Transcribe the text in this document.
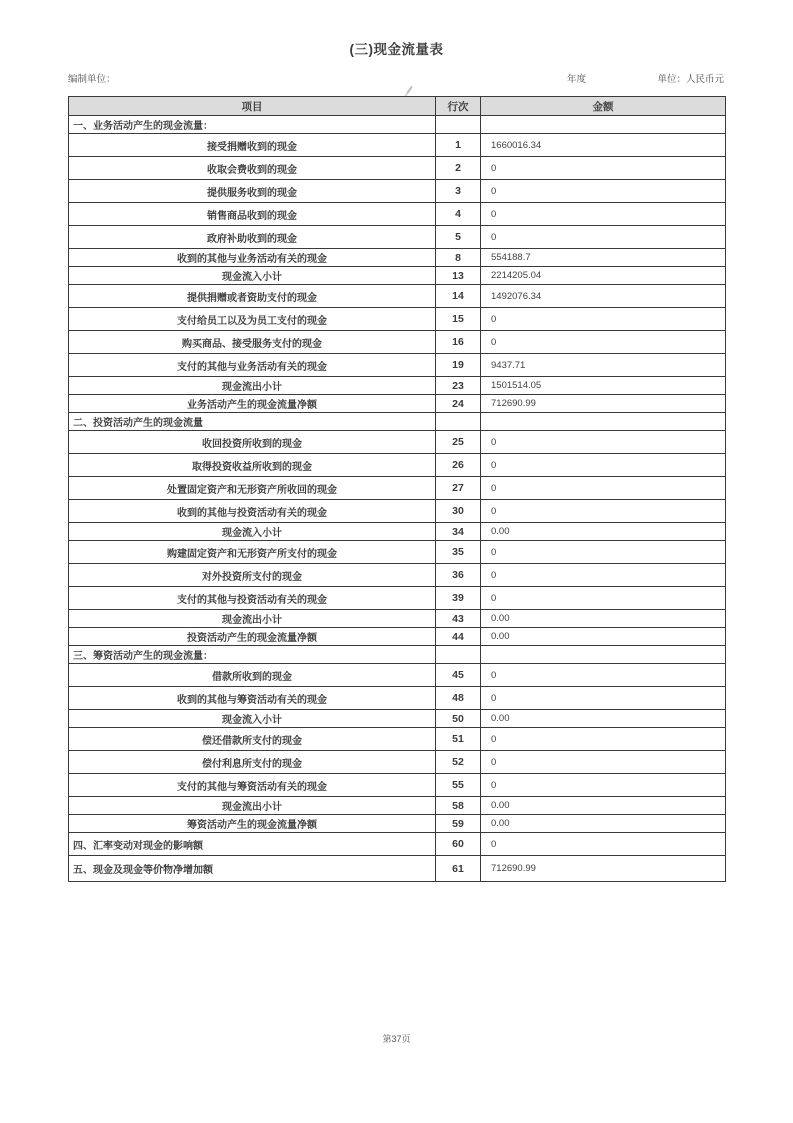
(三)现金流量表
编制单位：	年度	单位：人民币元
项目	行次	金额
一、业务活动产生的现金流量：		
接受捐赠收到的现金	1	1660016.34
收取会费收到的现金	2	0
提供服务收到的现金	3	0
销售商品收到的现金	4	0
政府补助收到的现金	5	0
收到的其他与业务活动有关的现金	8	554188.7
现金流入小计	13	2214205.04
提供捐赠或者资助支付的现金	14	1492076.34
支付给员工以及为员工支付的现金	15	0
购买商品、接受服务支付的现金	16	0
支付的其他与业务活动有关的现金	19	9437.71
现金流出小计	23	1501514.05
业务活动产生的现金流量净额	24	712690.99
二、投资活动产生的现金流量		
收回投资所收到的现金	25	0
取得投资收益所收到的现金	26	0
处置固定资产和无形资产所收回的现金	27	0
收到的其他与投资活动有关的现金	30	0
现金流入小计	34	0.00
购建固定资产和无形资产所支付的现金	35	0
对外投资所支付的现金	36	0
支付的其他与投资活动有关的现金	39	0
现金流出小计	43	0.00
投资活动产生的现金流量净额	44	0.00
三、筹资活动产生的现金流量：		
借款所收到的现金	45	0
收到的其他与筹资活动有关的现金	48	0
现金流入小计	50	0.00
偿还借款所支付的现金	51	0
偿付利息所支付的现金	52	0
支付的其他与筹资活动有关的现金	55	0
现金流出小计	58	0.00
筹资活动产生的现金流量净额	59	0.00
四、汇率变动对现金的影响额	60	0
五、现金及现金等价物净增加额	61	712690.99
第37页
